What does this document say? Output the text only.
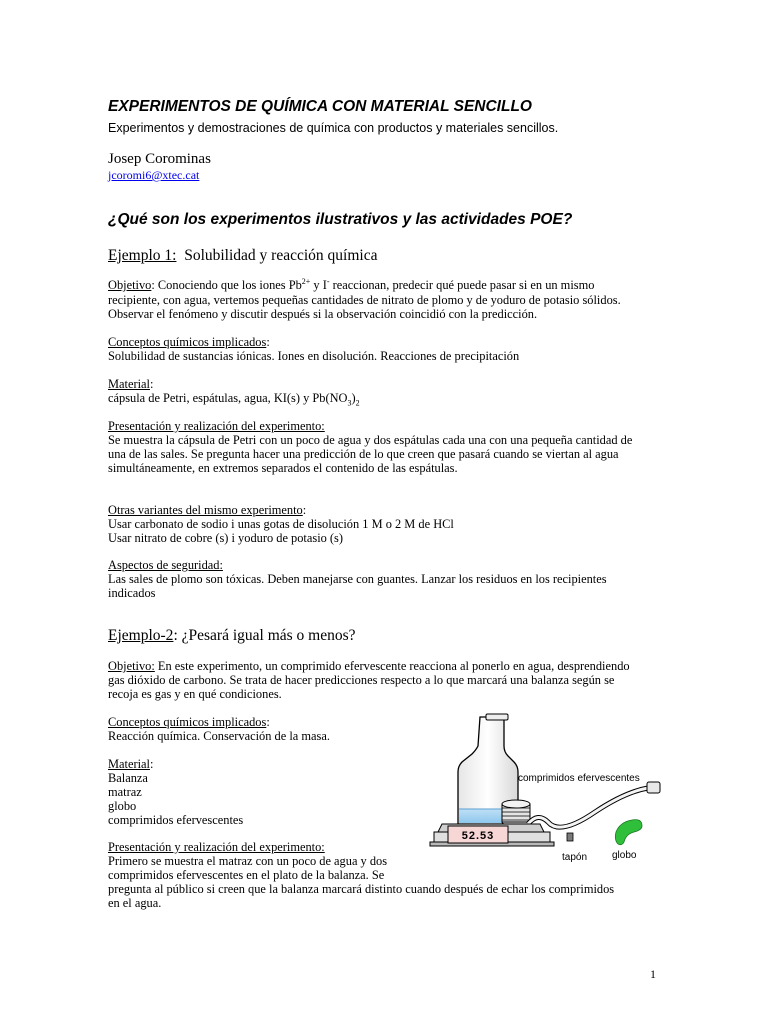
EXPERIMENTOS DE QUÍMICA CON MATERIAL SENCILLO
Experimentos y demostraciones de química con productos y materiales sencillos.
Josep Corominas
jcoromi6@xtec.cat
¿Qué son los experimentos ilustrativos y las actividades POE?
Ejemplo 1: Solubilidad y reacción química
Objetivo: Conociendo que los iones $Pb^{2+}$ y I- reaccionan, predecir qué puede pasar si en un mismo
recipiente, con agua, vertemos pequeñas cantidades de nitrato de plomo y de yoduro de potasio sólidos.
Observar el fenómeno y discutir después si la observación coincidió con la predicción.
Conceptos químicos implicados:
Solubilidad de sustancias iónicas. Iones en disolución. Reacciones de precipitación
Material:
cápsula de Petri, espátulas, agua, KI(s) y $Pb(NO_3)_2$
Presentación y realización del experimento:
Se muestra la cápsula de Petri con un poco de agua y dos espátulas cada una con una pequeña cantidad de
una de las sales. Se pregunta hacer una predicción de lo que creen que pasará cuando se viertan al agua
simultáneamente, en extremos separados el contenido de las espátulas.
Otras variantes del mismo experimento:
Usar carbonato de sodio i unas gotas de disolución 1 M o 2 M de HCl
Usar nitrato de cobre (s) i yoduro de potasio (s)
Aspectos de seguridad:
Las sales de plomo son tóxicas. Deben manejarse con guantes. Lanzar los residuos en los recipientes
indicados
Ejemplo-2: ¿Pesará igual más o menos?
Objetivo: En este experimento, un comprimido efervescente reacciona al ponerlo en agua, desprendiendo
gas dióxido de carbono. Se trata de hacer predicciones respecto a lo que marcará una balanza según se
recoja es gas y en qué condiciones.
Conceptos químicos implicados:
Reacción química. Conservación de la masa.
Material:
Balanza
matraz
globo
comprimidos efervescentes
Presentación y realización del experimento:
Primero se muestra el matraz con un poco de agua y dos
comprimidos efervescentes en el plato de la balanza. Se
pregunta al público si creen que la balanza marcará distinto cuando después de echar los comprimidos
en el agua.
52.53
comprimidos efervescentes
tapón globo
1
